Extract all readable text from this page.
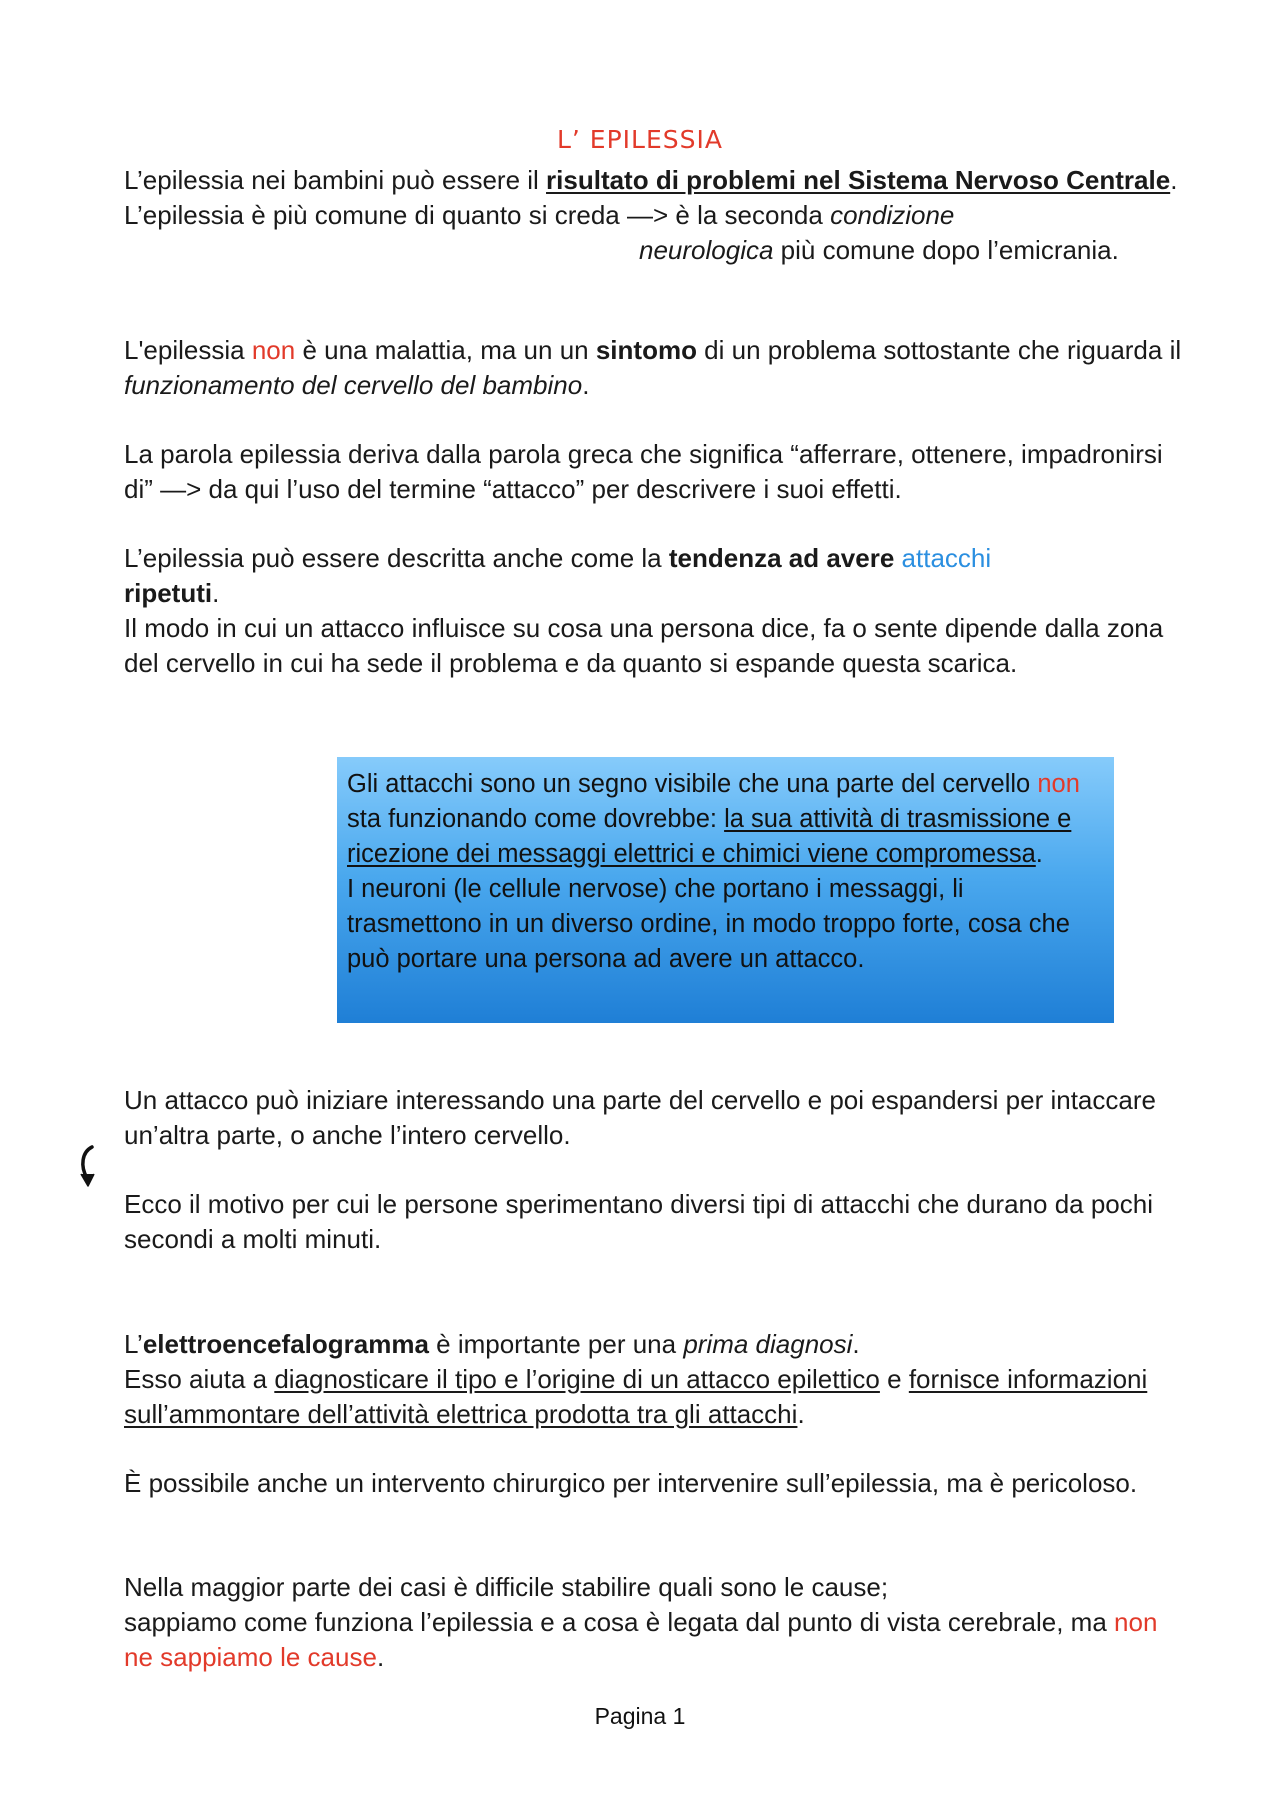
L’ EPILESSIA

L’epilessia nei bambini può essere il risultato di problemi nel Sistema Nervoso Centrale.
L’epilessia è più comune di quanto si creda —> è la seconda condizione

neurologica più comune dopo l’emicrania.

L'epilessia non è una malattia, ma un un sintomo di un problema sottostante che riguarda il funzionamento del cervello del bambino.

La parola epilessia deriva dalla parola greca che significa “afferrare, ottenere, impadronirsi di” —> da qui l’uso del termine “attacco” per descrivere i suoi effetti.

L’epilessia può essere descritta anche come la tendenza ad avere attacchi
ripetuti.
Il modo in cui un attacco influisce su cosa una persona dice, fa o sente dipende dalla zona del cervello in cui ha sede il problema e da quanto si espande questa scarica.

Gli attacchi sono un segno visibile che una parte del cervello non sta funzionando come dovrebbe: la sua attività di trasmissione e ricezione dei messaggi elettrici e chimici viene compromessa.
I neuroni (le cellule nervose) che portano i messaggi, li trasmettono in un diverso ordine, in modo troppo forte, cosa che può portare una persona ad avere un attacco.

Un attacco può iniziare interessando una parte del cervello e poi espandersi per intaccare un’altra parte, o anche l’intero cervello.

Ecco il motivo per cui le persone sperimentano diversi tipi di attacchi che durano da pochi secondi a molti minuti.

L’elettroencefalogramma è importante per una prima diagnosi.
Esso aiuta a diagnosticare il tipo e l’origine di un attacco epilettico e fornisce informazioni sull’ammontare dell’attività elettrica prodotta tra gli attacchi.

È possibile anche un intervento chirurgico per intervenire sull’epilessia, ma è pericoloso.

Nella maggior parte dei casi è difficile stabilire quali sono le cause;
sappiamo come funziona l’epilessia e a cosa è legata dal punto di vista cerebrale, ma non ne sappiamo le cause.

Pagina 1
